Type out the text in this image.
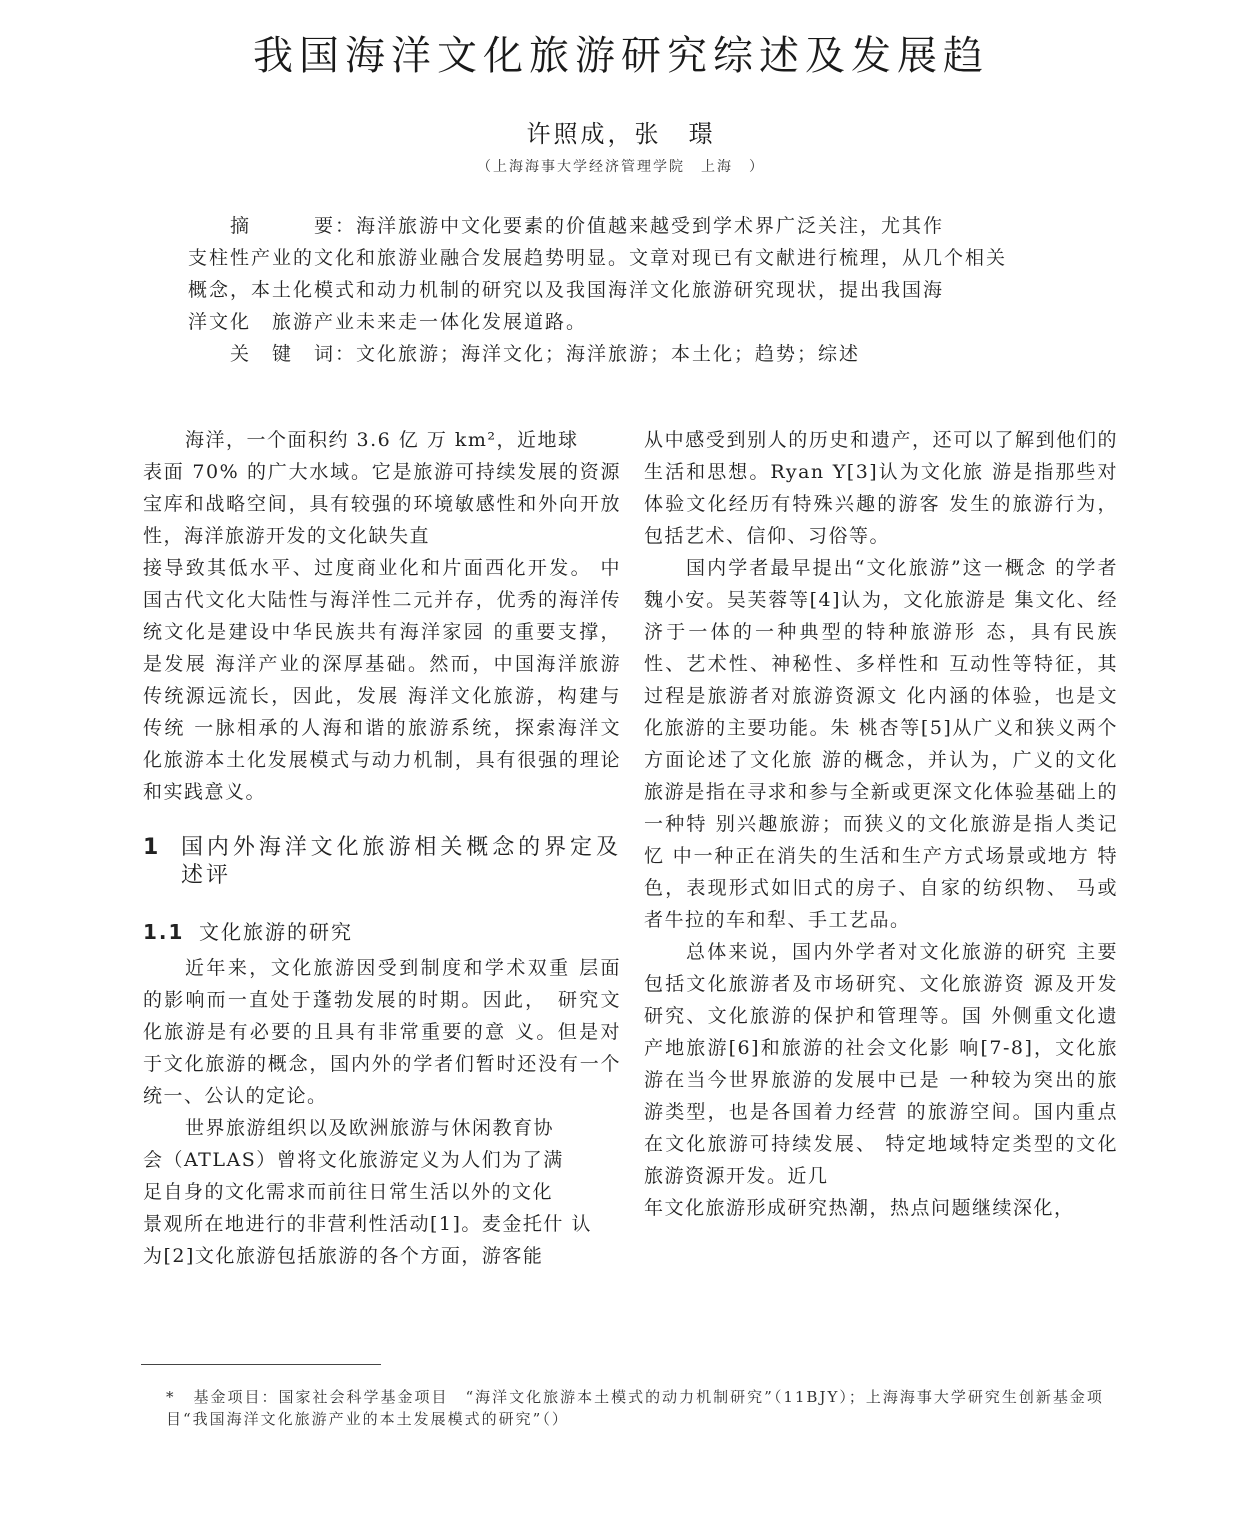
我国海洋文化旅游研究综述及发展趋
许照成，张　璟
（上海海事大学经济管理学院　上海　）

摘　　　要：海洋旅游中文化要素的价值越来越受到学术界广泛关注，尤其作

支柱性产业的文化和旅游业融合发展趋势明显。文章对现已有文献进行梳理，从几个相关

概念，本土化模式和动力机制的研究以及我国海洋文化旅游研究现状，提出我国海

洋文化　旅游产业未来走一体化发展道路。

关　键　词：文化旅游；海洋文化；海洋旅游；本土化；趋势；综述

海洋，一个面积约 3.6 亿 万 km²，近地球

表面 70% 的广大水域。它是旅游可持续发展的资源宝库和战略空间，具有较强的环境敏感性和外向开放性，海洋旅游开发的文化缺失直

接导致其低水平、过度商业化和片面西化开发。 中国古代文化大陆性与海洋性二元并存，优秀的海洋传统文化是建设中华民族共有海洋家园 的重要支撑，是发展 海洋产业的深厚基础。然而，中国海洋旅游传统源远流长，因此，发展 海洋文化旅游，构建与传统 一脉相承的人海和谐的旅游系统，探索海洋文化旅游本土化发展模式与动力机制，具有很强的理论和实践意义。

1 国内外海洋文化旅游相关概念的界定及述评
1.1 文化旅游的研究

近年来，文化旅游因受到制度和学术双重 层面的影响而一直处于蓬勃发展的时期。因此，　研究文化旅游是有必要的且具有非常重要的意 义。但是对于文化旅游的概念，国内外的学者们暂时还没有一个统一、公认的定论。

世界旅游组织以及欧洲旅游与休闲教育协

会（ATLAS）曾将文化旅游定义为人们为了满

足自身的文化需求而前往日常生活以外的文化

景观所在地进行的非营利性活动[1]。麦金托什 认

为[2]文化旅游包括旅游的各个方面，游客能

从中感受到别人的历史和遗产，还可以了解到他们的生活和思想。Ryan Y[3]认为文化旅 游是指那些对体验文化经历有特殊兴趣的游客 发生的旅游行为，包括艺术、信仰、习俗等。

国内学者最早提出“文化旅游”这一概念 的学者魏小安。吴芙蓉等[4]认为，文化旅游是 集文化、经济于一体的一种典型的特种旅游形 态，具有民族性、艺术性、神秘性、多样性和 互动性等特征，其过程是旅游者对旅游资源文 化内涵的体验，也是文化旅游的主要功能。朱 桃杏等[5]从广义和狭义两个方面论述了文化旅 游的概念，并认为，广义的文化旅游是指在寻求和参与全新或更深文化体验基础上的一种特 别兴趣旅游；而狭义的文化旅游是指人类记忆 中一种正在消失的生活和生产方式场景或地方 特色，表现形式如旧式的房子、自家的纺织物、 马或者牛拉的车和犁、手工艺品。

总体来说，国内外学者对文化旅游的研究 主要包括文化旅游者及市场研究、文化旅游资 源及开发研究、文化旅游的保护和管理等。国 外侧重文化遗产地旅游[6]和旅游的社会文化影 响[7-8]，文化旅游在当今世界旅游的发展中已是 一种较为突出的旅游类型，也是各国着力经营 的旅游空间。国内重点在文化旅游可持续发展、 特定地域特定类型的文化旅游资源开发。近几

年文化旅游形成研究热潮，热点问题继续深化，

* 基金项目：国家社会科学基金项目　“海洋文化旅游本土模式的动力机制研究”（11BJY）；上海海事大学研究生创新基金项目“我国海洋文化旅游产业的本土发展模式的研究”（）
